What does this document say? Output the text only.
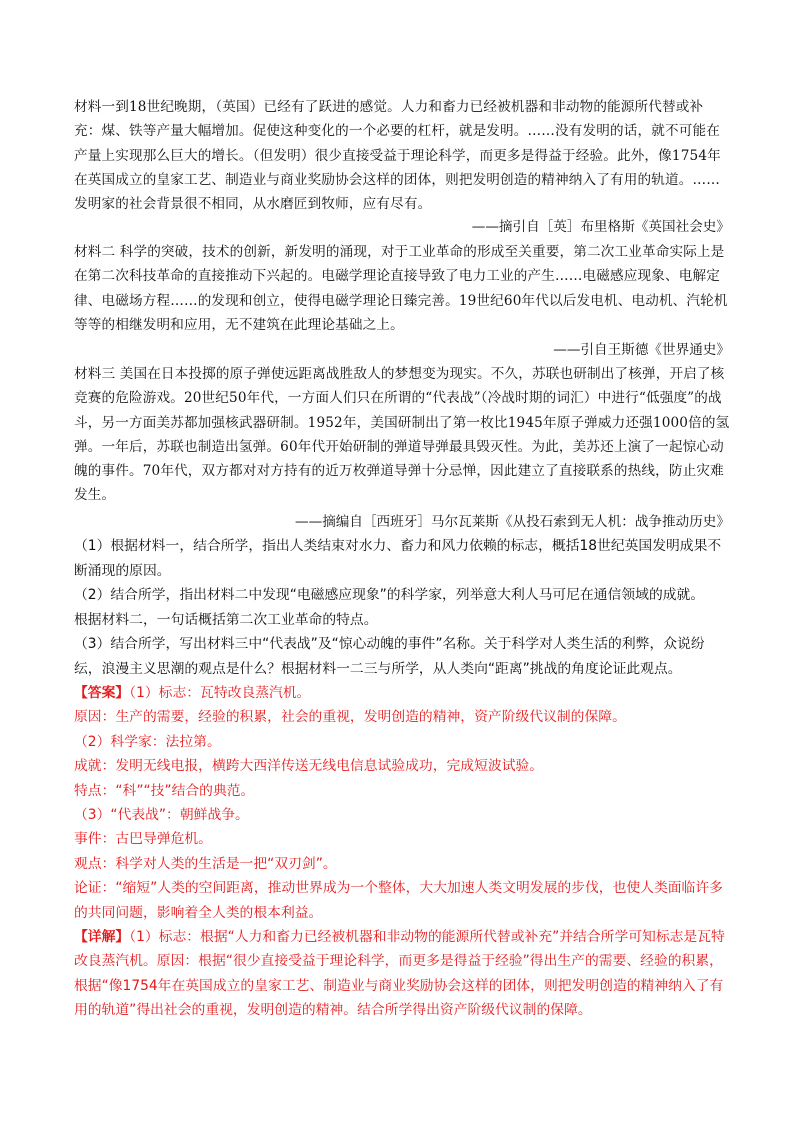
材料一到18世纪晚期，（英国）已经有了跃进的感觉。人力和畜力已经被机器和非动物的能源所代替或补充：煤、铁等产量大幅增加。促使这种变化的一个必要的杠杆，就是发明。……没有发明的话，就不可能在产量上实现那么巨大的增长。（但发明）很少直接受益于理论科学，而更多是得益于经验。此外，像1754年在英国成立的皇家工艺、制造业与商业奖励协会这样的团体，则把发明创造的精神纳入了有用的轨道。……发明家的社会背景很不相同，从水磨匠到牧师，应有尽有。

——摘引自［英］布里格斯《英国社会史》

材料二 科学的突破，技术的创新，新发明的涌现，对于工业革命的形成至关重要，第二次工业革命实际上是在第二次科技革命的直接推动下兴起的。电磁学理论直接导致了电力工业的产生……电磁感应现象、电解定律、电磁场方程……的发现和创立，使得电磁学理论日臻完善。19世纪60年代以后发电机、电动机、汽轮机等等的相继发明和应用，无不建筑在此理论基础之上。

——引自王斯德《世界通史》

材料三 美国在日本投掷的原子弹使远距离战胜敌人的梦想变为现实。不久，苏联也研制出了核弹，开启了核竞赛的危险游戏。20世纪50年代，一方面人们只在所谓的“代表战”（冷战时期的词汇）中进行“低强度”的战斗，另一方面美苏都加强核武器研制。1952年，美国研制出了第一枚比1945年原子弹威力还强1000倍的氢弹。一年后，苏联也制造出氢弹。60年代开始研制的弹道导弹最具毁灭性。为此，美苏还上演了一起惊心动魄的事件。70年代，双方都对对方持有的近万枚弹道导弹十分忌惮，因此建立了直接联系的热线，防止灾难发生。

——摘编自［西班牙］马尔瓦莱斯《从投石索到无人机：战争推动历史》

（1）根据材料一，结合所学，指出人类结束对水力、畜力和风力依赖的标志，概括18世纪英国发明成果不断涌现的原因。

（2）结合所学，指出材料二中发现“电磁感应现象”的科学家，列举意大利人马可尼在通信领域的成就。

根据材料二，一句话概括第二次工业革命的特点。

（3）结合所学，写出材料三中“代表战”及“惊心动魄的事件”名称。关于科学对人类生活的利弊，众说纷纭，浪漫主义思潮的观点是什么？根据材料一二三与所学，从人类向“距离”挑战的角度论证此观点。

【答案】（1）标志：瓦特改良蒸汽机。

原因：生产的需要，经验的积累，社会的重视，发明创造的精神，资产阶级代议制的保障。

（2）科学家：法拉第。

成就：发明无线电报，横跨大西洋传送无线电信息试验成功，完成短波试验。

特点：“科”“技”结合的典范。

（3）“代表战”：朝鲜战争。

事件：古巴导弹危机。

观点：科学对人类的生活是一把“双刃剑”。

论证：“缩短”人类的空间距离，推动世界成为一个整体，大大加速人类文明发展的步伐，也使人类面临许多的共同问题，影响着全人类的根本利益。

【详解】（1）标志：根据“人力和畜力已经被机器和非动物的能源所代替或补充”并结合所学可知标志是瓦特改良蒸汽机。原因：根据“很少直接受益于理论科学，而更多是得益于经验”得出生产的需要、经验的积累，根据“像1754年在英国成立的皇家工艺、制造业与商业奖励协会这样的团体，则把发明创造的精神纳入了有用的轨道”得出社会的重视，发明创造的精神。结合所学得出资产阶级代议制的保障。
